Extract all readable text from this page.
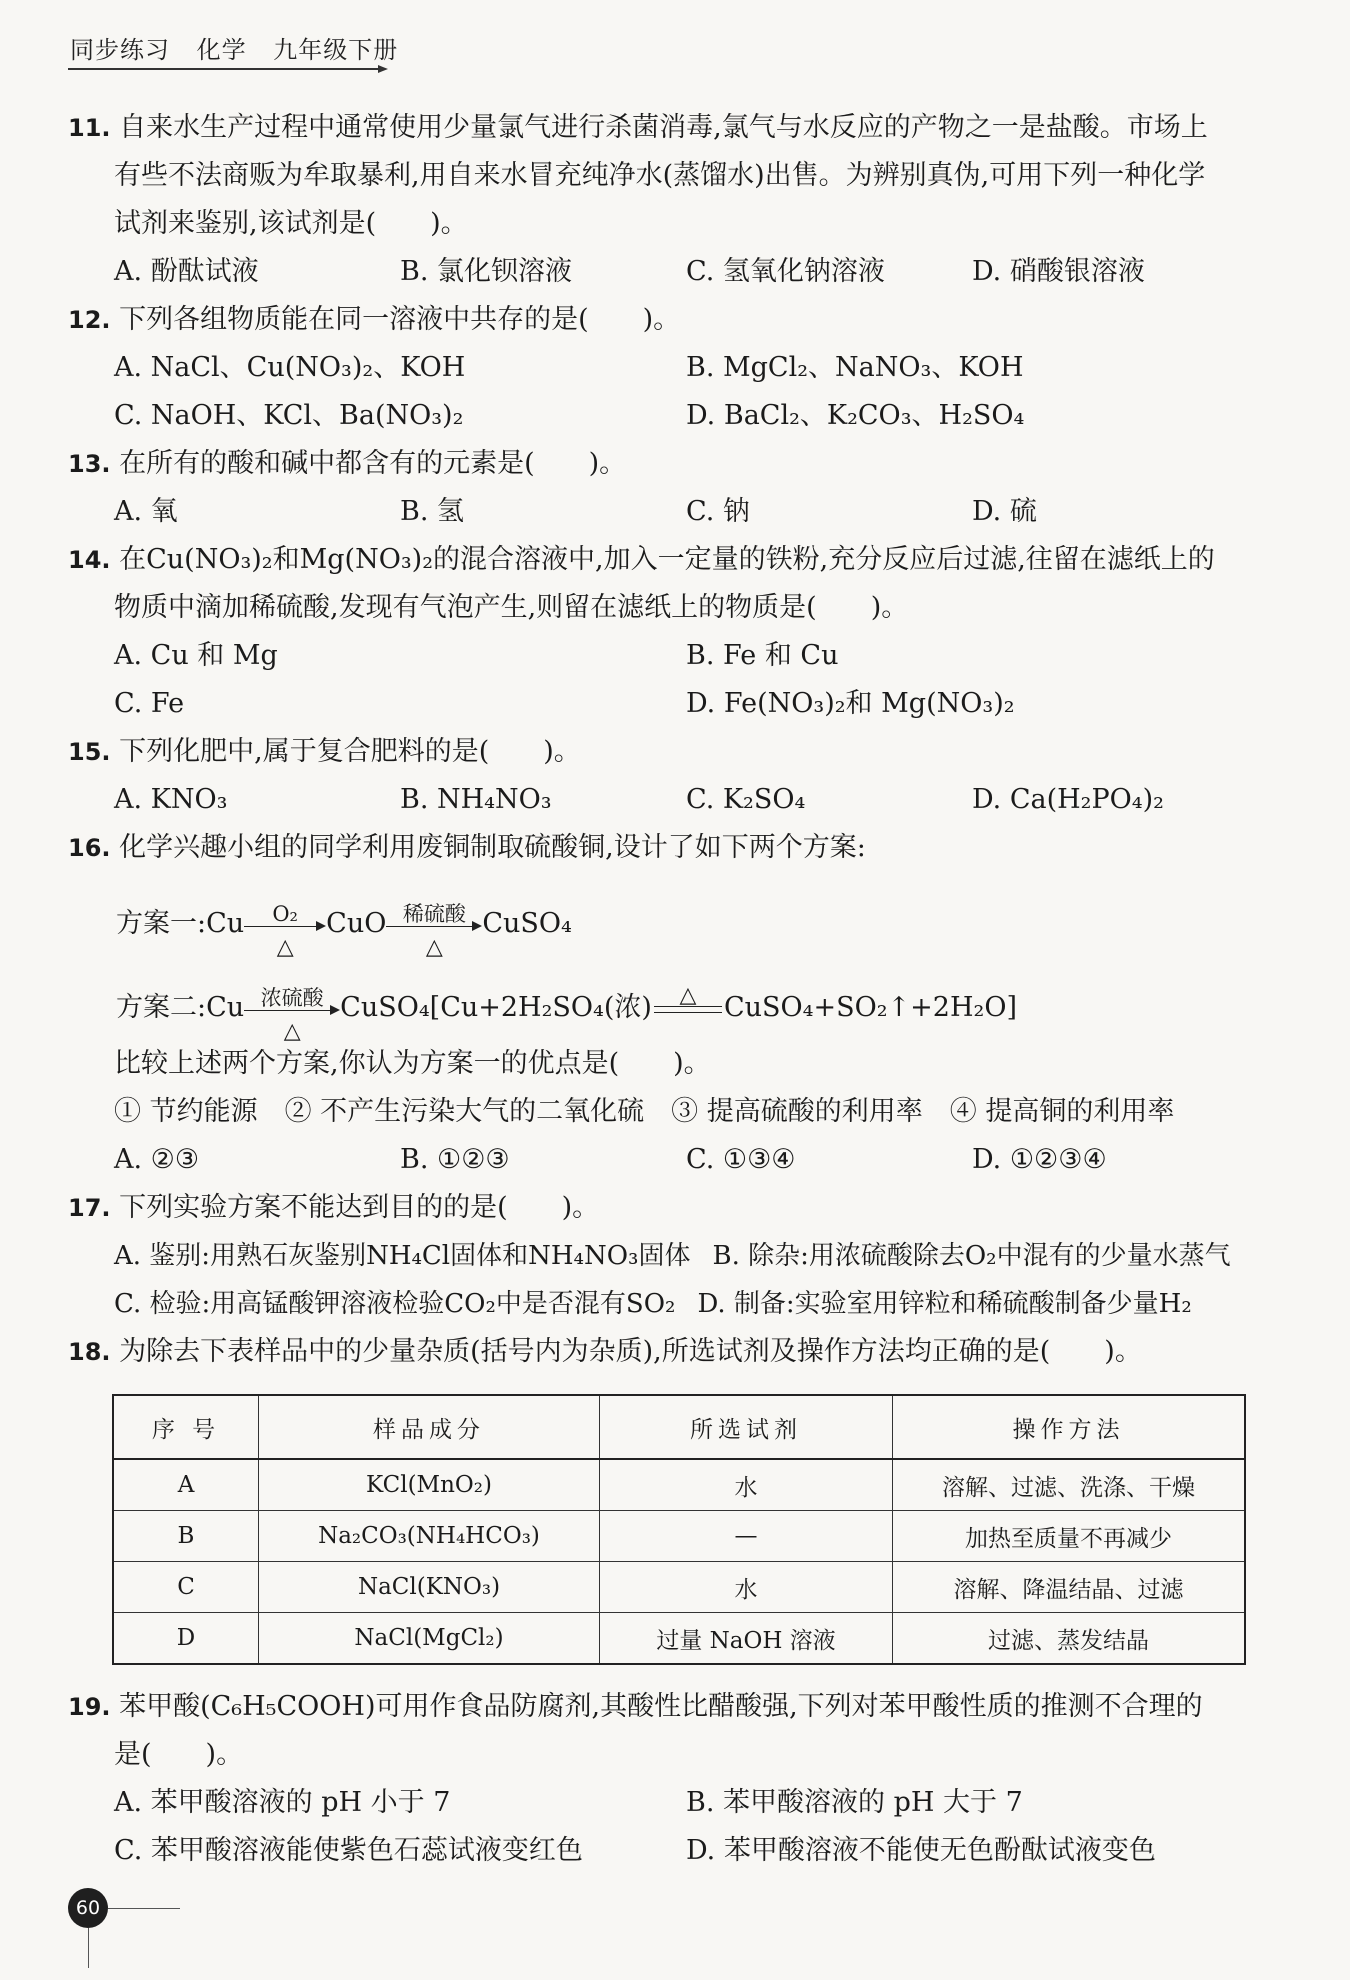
同步练习 化学 九年级下册
11. 自来水生产过程中通常使用少量氯气进行杀菌消毒,氯气与水反应的产物之一是盐酸。市场上
有些不法商贩为牟取暴利,用自来水冒充纯净水(蒸馏水)出售。为辨别真伪,可用下列一种化学
试剂来鉴别,该试剂是(　　)。
A. 酚酞试液	B. 氯化钡溶液	C. 氢氧化钠溶液	D. 硝酸银溶液
12. 下列各组物质能在同一溶液中共存的是(　　)。
A. NaCl、Cu(NO₃)₂、KOH	B. MgCl₂、NaNO₃、KOH
C. NaOH、KCl、Ba(NO₃)₂	D. BaCl₂、K₂CO₃、H₂SO₄
13. 在所有的酸和碱中都含有的元素是(　　)。
A. 氧	B. 氢	C. 钠	D. 硫
14. 在Cu(NO₃)₂和Mg(NO₃)₂的混合溶液中,加入一定量的铁粉,充分反应后过滤,往留在滤纸上的
物质中滴加稀硫酸,发现有气泡产生,则留在滤纸上的物质是(　　)。
A. Cu 和 Mg	B. Fe 和 Cu
C. Fe	D. Fe(NO₃)₂和 Mg(NO₃)₂
15. 下列化肥中,属于复合肥料的是(　　)。
A. KNO₃	B. NH₄NO₃	C. K₂SO₄	D. Ca(H₂PO₄)₂
16. 化学兴趣小组的同学利用废铜制取硫酸铜,设计了如下两个方案:
方案一:Cu	O₂
△
CuO 稀硫酸
△
CuSO₄
方案二:Cu 浓硫酸
△
CuSO₄[Cu+2H₂SO₄(浓)	△	CuSO₄+SO₂↑+2H₂O]
比较上述两个方案,你认为方案一的优点是(　　)。
① 节约能源　② 不产生污染大气的二氧化硫　③ 提高硫酸的利用率　④ 提高铜的利用率
A. ②③	B. ①②③	C. ①③④	D. ①②③④
17. 下列实验方案不能达到目的的是(　　)。
A. 鉴别:用熟石灰鉴别NH₄Cl固体和NH₄NO₃固体 B. 除杂:用浓硫酸除去O₂中混有的少量水蒸气
C. 检验:用高锰酸钾溶液检验CO₂中是否混有SO₂ D. 制备:实验室用锌粒和稀硫酸制备少量H₂
18. 为除去下表样品中的少量杂质(括号内为杂质),所选试剂及操作方法均正确的是(　　)。
序 号	样品成分	所选试剂	操作方法
A	KCl(MnO₂)	水	溶解、过滤、洗涤、干燥
B	Na₂CO₃(NH₄HCO₃)	—	加热至质量不再减少
C	NaCl(KNO₃)	水	溶解、降温结晶、过滤
D	NaCl(MgCl₂)	过量 NaOH 溶液	过滤、蒸发结晶
19. 苯甲酸(C₆H₅COOH)可用作食品防腐剂,其酸性比醋酸强,下列对苯甲酸性质的推测不合理的
是(　　)。
A. 苯甲酸溶液的 pH 小于 7	B. 苯甲酸溶液的 pH 大于 7
C. 苯甲酸溶液能使紫色石蕊试液变红色	D. 苯甲酸溶液不能使无色酚酞试液变色
60
